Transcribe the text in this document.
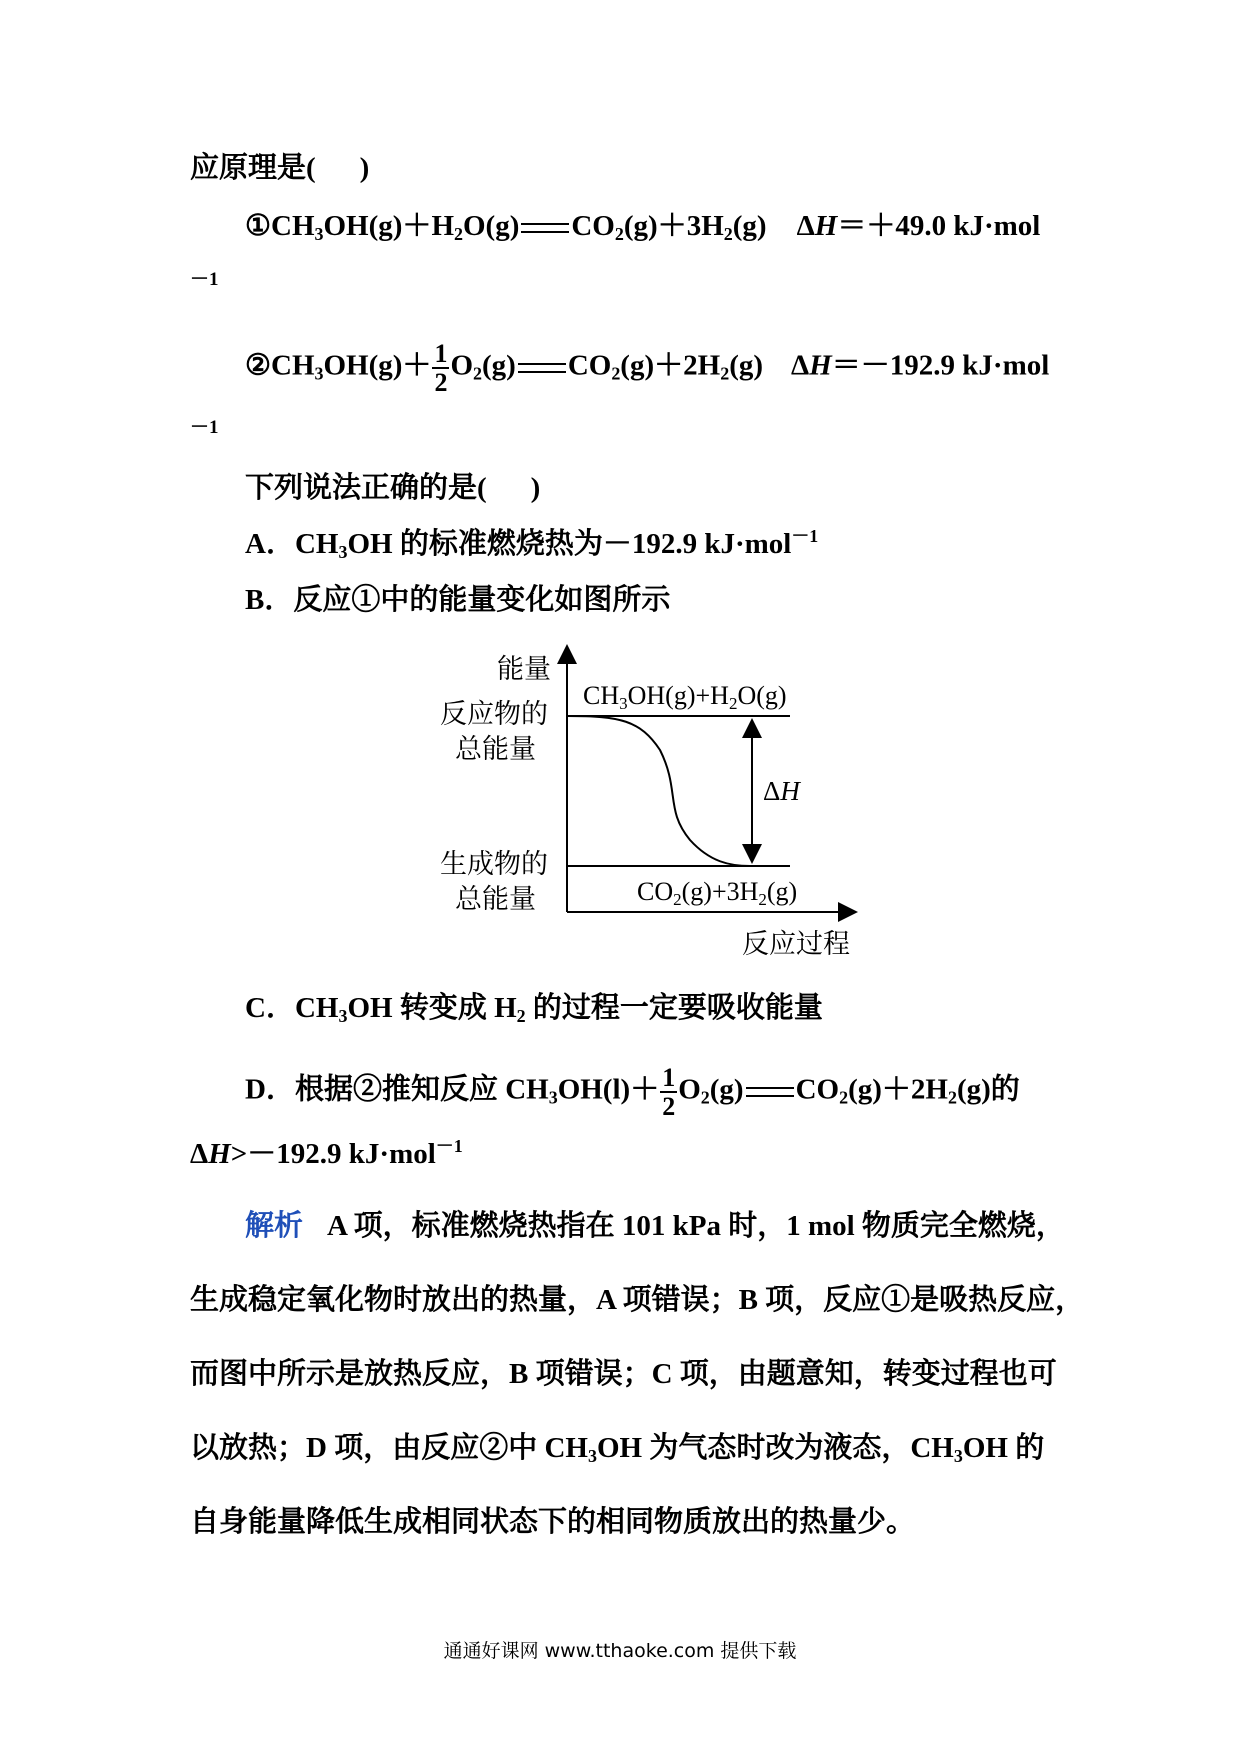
应原理是( )
①CH3OH(g)＋H2O(g) CO2(g)＋3H2(g) ΔH＝＋49.0 kJ·mol
－1
②CH3OH(g)＋ $\frac{1}{2} O2(g)$ CO2(g)＋2H2(g) ΔH＝－192.9 kJ·mol
－1
下列说法正确的是( )
A．CH3OH 的标准燃烧热为－192.9 kJ·mol$^{-1}$
B．反应①中的能量变化如图所示
能量
反应物的
总能量
生成物的
总能量
反应过程
CH3OH(g)+H2O(g)
CO2(g)+3H2(g)
ΔH
C．CH3OH 转变成 H2 的过程一定要吸收能量
D．根据②推知反应 $CH3OH(l)+ \frac{1}{2} O2(g)$ CO2(g)＋2H2(g)的
ΔH>－192.9 kJ·mol$^{-1}$
解析 A 项，标准燃烧热指在 101 kPa 时，1 mol 物质完全燃烧，
生成稳定氧化物时放出的热量，A 项错误；B 项，反应①是吸热反应，
而图中所示是放热反应，B 项错误；C 项，由题意知，转变过程也可
以放热；D 项，由反应②中 CH3OH 为气态时改为液态，CH3OH 的
自身能量降低生成相同状态下的相同物质放出的热量少。
通通好课网 www.tthaoke.com 提供下载
